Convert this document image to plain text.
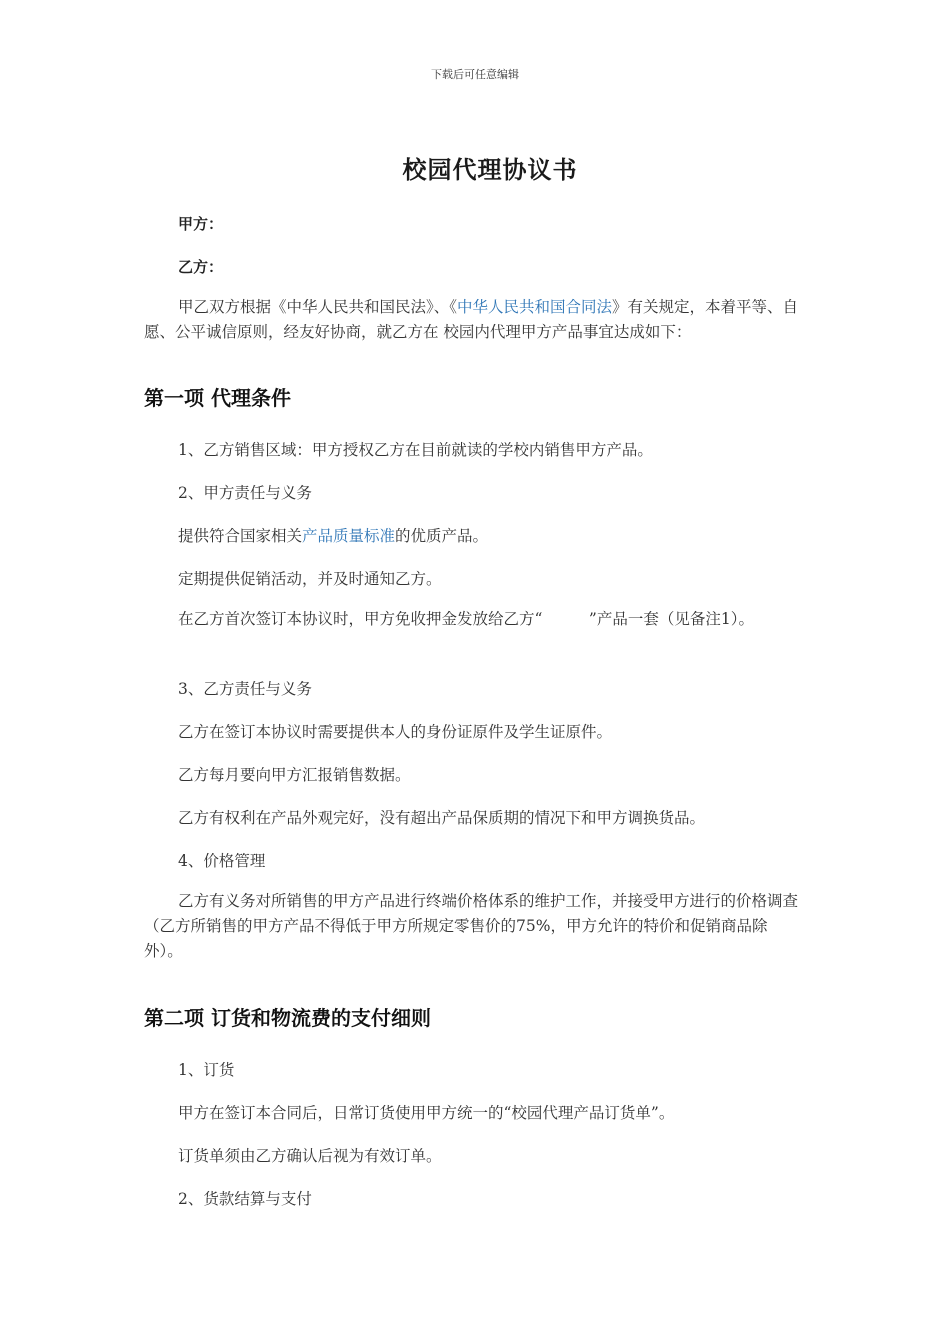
下载后可任意编辑
校园代理协议书
甲方：
乙方：
甲乙双方根据《中华人民共和国民法》、《中华人民共和国合同法》有关规定，本着平等、自愿、公平诚信原则，经友好协商，就乙方在 校园内代理甲方产品事宜达成如下：
第一项 代理条件
1、乙方销售区域：甲方授权乙方在目前就读的学校内销售甲方产品。
2、甲方责任与义务
提供符合国家相关产品质量标准的优质产品。
定期提供促销活动，并及时通知乙方。
在乙方首次签订本协议时，甲方免收押金发放给乙方“　　　”产品一套（见备注1）。
3、乙方责任与义务
乙方在签订本协议时需要提供本人的身份证原件及学生证原件。
乙方每月要向甲方汇报销售数据。
乙方有权利在产品外观完好，没有超出产品保质期的情况下和甲方调换货品。
4、价格管理
乙方有义务对所销售的甲方产品进行终端价格体系的维护工作，并接受甲方进行的价格调查（乙方所销售的甲方产品不得低于甲方所规定零售价的75%，甲方允许的特价和促销商品除外）。
第二项 订货和物流费的支付细则
1、订货
甲方在签订本合同后，日常订货使用甲方统一的“校园代理产品订货单”。
订货单须由乙方确认后视为有效订单。
2、货款结算与支付
